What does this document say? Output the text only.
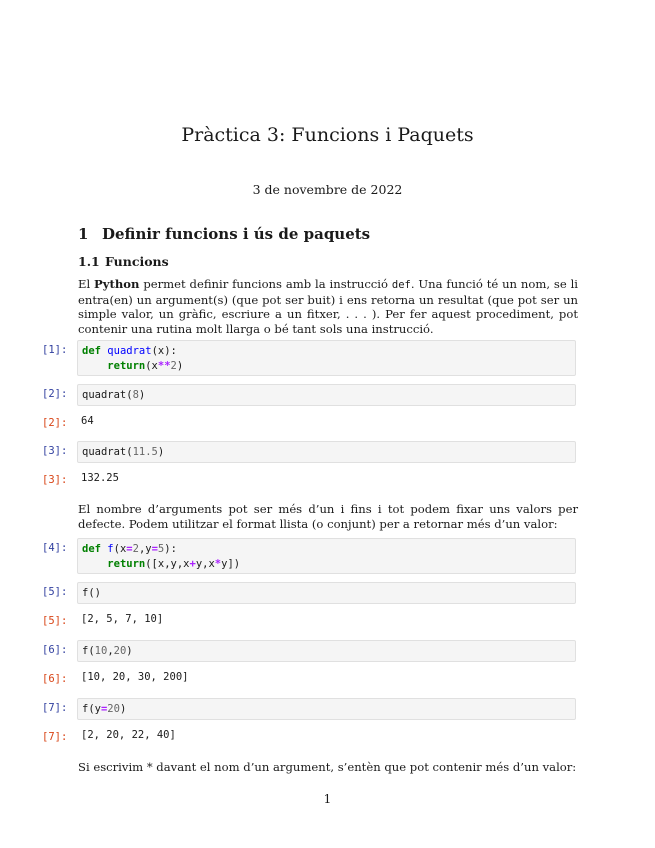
Pràctica 3: Funcions i Paquets
3 de novembre de 2022
1 Definir funcions i ús de paquets
1.1 Funcions
El Python permet definir funcions amb la instrucció def. Una funció té un nom, se li entra(en) un argument(s) (que pot ser buit) i ens retorna un resultat (que pot ser un simple valor, un gràfic, escriure a un fitxer, . . . ). Per fer aquest procediment, pot contenir una rutina molt llarga o bé tant sols una instrucció.
[1]:	def quadrat(x):
return(x**2)
[2]:	quadrat(8)
[2]:	64
[3]:	quadrat(11.5)
[3]:	132.25
El nombre d’arguments pot ser més d’un i fins i tot podem fixar uns valors per defecte. Podem utilitzar el format llista (o conjunt) per a retornar més d’un valor:
[4]:	def f(x=2,y=5):
return([x,y,x+y,x*y])
[5]:	f()
[5]:	[2, 5, 7, 10]
[6]:	f(10,20)
[6]:	[10, 20, 30, 200]
[7]:	f(y=20)
[7]:	[2, 20, 22, 40]
Si escrivim * davant el nom d’un argument, s’entèn que pot contenir més d’un valor:
1
